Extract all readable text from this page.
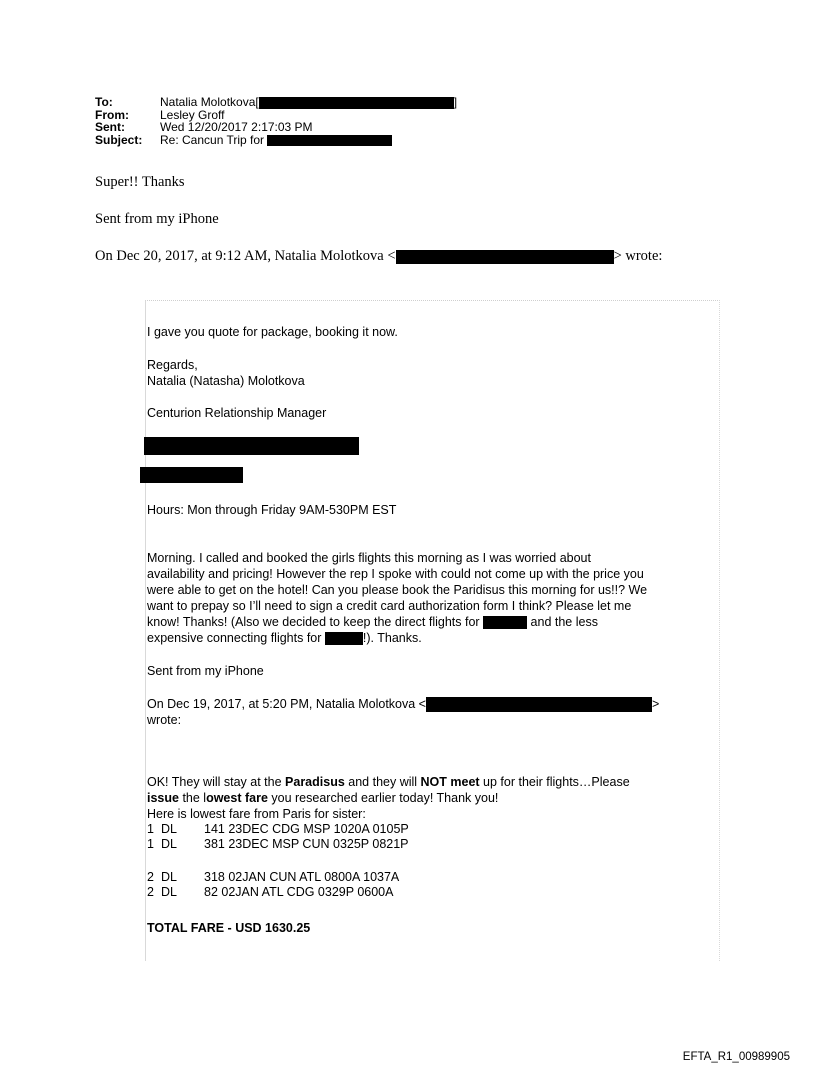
To:	Natalia Molotkova[	]
From:	Lesley Groff
Sent:	Wed 12/20/2017 2:17:03 PM
Subject: Re: Cancun Trip for
Super!! Thanks
Sent from my iPhone
On Dec 20, 2017, at 9:12 AM, Natalia Molotkova <	> wrote:
I gave you quote for package, booking it now.
Regards,
Natalia (Natasha) Molotkova
Centurion Relationship Manager
Hours: Mon through Friday 9AM-530PM EST
Morning. I called and booked the girls flights this morning as I was worried about
availability and pricing! However the rep I spoke with could not come up with the price you
were able to get on the hotel! Can you please book the Paridisus this morning for us!!? We
want to prepay so I’ll need to sign a credit card authorization form I think? Please let me
know! Thanks! (Also we decided to keep the direct flights for	and the less
expensive connecting flights for	!). Thanks.
Sent from my iPhone
On Dec 19, 2017, at 5:20 PM, Natalia Molotkova <	>
wrote:
OK! They will stay at the Paradisus and they will NOT meet up for their flights…Please
issue the lowest fare you researched earlier today! Thank you!
Here is lowest fare from Paris for sister:
1	DL	141 23DEC CDG MSP 1020A 0105P
1	DL	381 23DEC MSP CUN 0325P 0821P
2	DL	318 02JAN CUN ATL 0800A 1037A
2	DL	82 02JAN ATL CDG 0329P 0600A
TOTAL FARE - USD 1630.25
EFTA_R1_00989905
